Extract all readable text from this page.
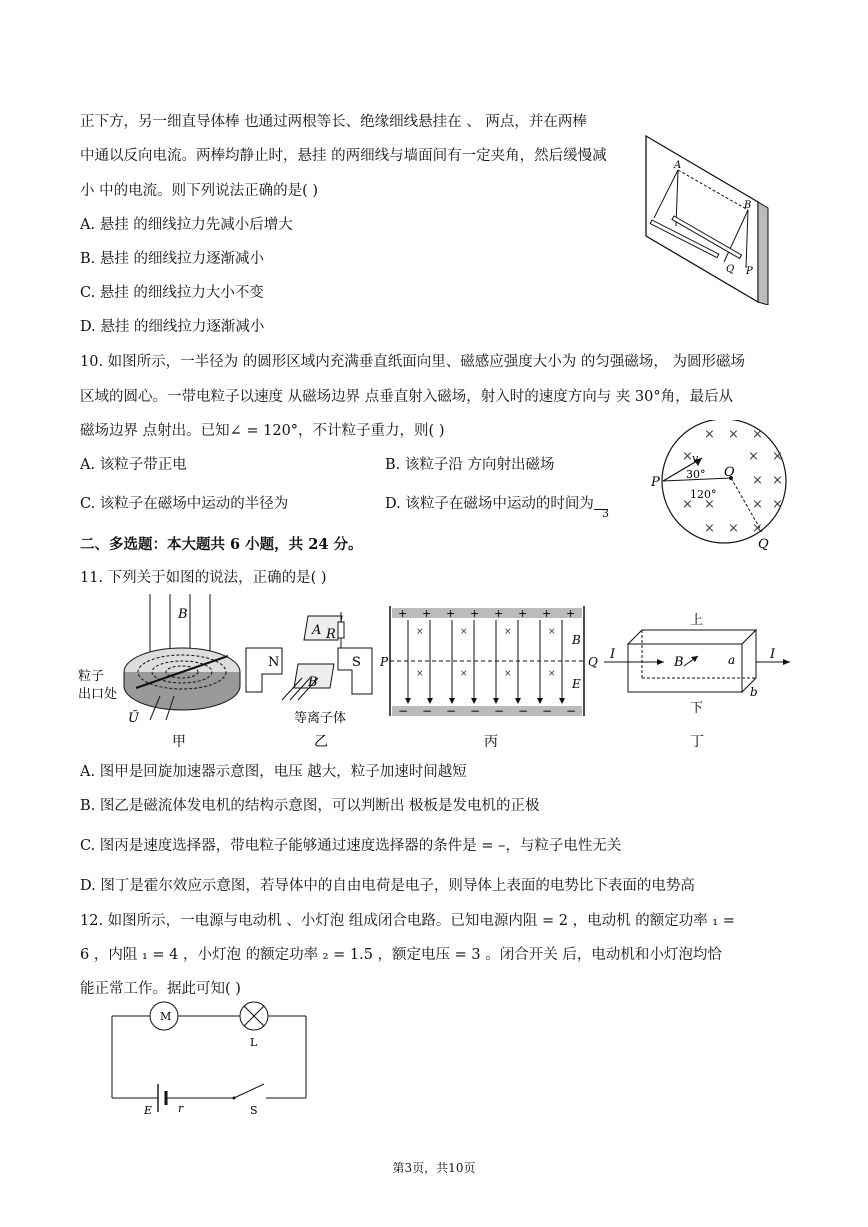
正下方，另一细直导体棒 也通过两根等长、绝缘细线悬挂在 、 两点，并在两棒
中通以反向电流。两棒均静止时，悬挂 的两细线与墙面间有一定夹角，然后缓慢减
小 中的电流。则下列说法正确的是( )
A. 悬挂 的细线拉力先减小后增大
B. 悬挂 的细线拉力逐渐减小
C. 悬挂 的细线拉力大小不变
D. 悬挂 的细线拉力逐渐减小
A
B
Q P
10. 如图所示，一半径为 的圆形区域内充满垂直纸面向里、磁感应强度大小为 的匀强磁场， 为圆形磁场
区域的圆心。一带电粒子以速度 从磁场边界 点垂直射入磁场，射入时的速度方向与 夹 30°角，最后从
磁场边界 点射出。已知∠ = 120°，不计粒子重力，则( )
A. 该粒子带正电	B. 该粒子沿 方向射出磁场
C. 该粒子在磁场中运动的半径为	D. 该粒子在磁场中运动的时间为
3
× × ×
×	× ×
× ×
× ×	× ×
× × ×
P
O
v
30°
120°
Q
二、多选题：本大题共 6 小题，共 24 分。
11. 下列关于如图的说法，正确的是( )
B
粒子
出口处
Ũ
甲
A R
N	S
B
等离子体
乙
+ + + + + + + +
− − − − − − − −
×	×	×	×
×	×	×	×
P	Q
B
E
丙
上
下
I	I
B	a
b
丁
A. 图甲是回旋加速器示意图，电压 越大，粒子加速时间越短
B. 图乙是磁流体发电机的结构示意图，可以判断出 极板是发电机的正极
C. 图丙是速度选择器，带电粒子能够通过速度选择器的条件是 = –，与粒子电性无关
D. 图丁是霍尔效应示意图，若导体中的自由电荷是电子，则导体上表面的电势比下表面的电势高
12. 如图所示，一电源与电动机 、小灯泡 组成闭合电路。已知电源内阻 = 2 ，电动机 的额定功率 ₁ =
6 ，内阻 ₁ = 4 ，小灯泡 的额定功率 ₂ = 1.5 ，额定电压 = 3 。闭合开关 后，电动机和小灯泡均恰
能正常工作。据此可知( )
M
L
E r	S
第3页，共10页
